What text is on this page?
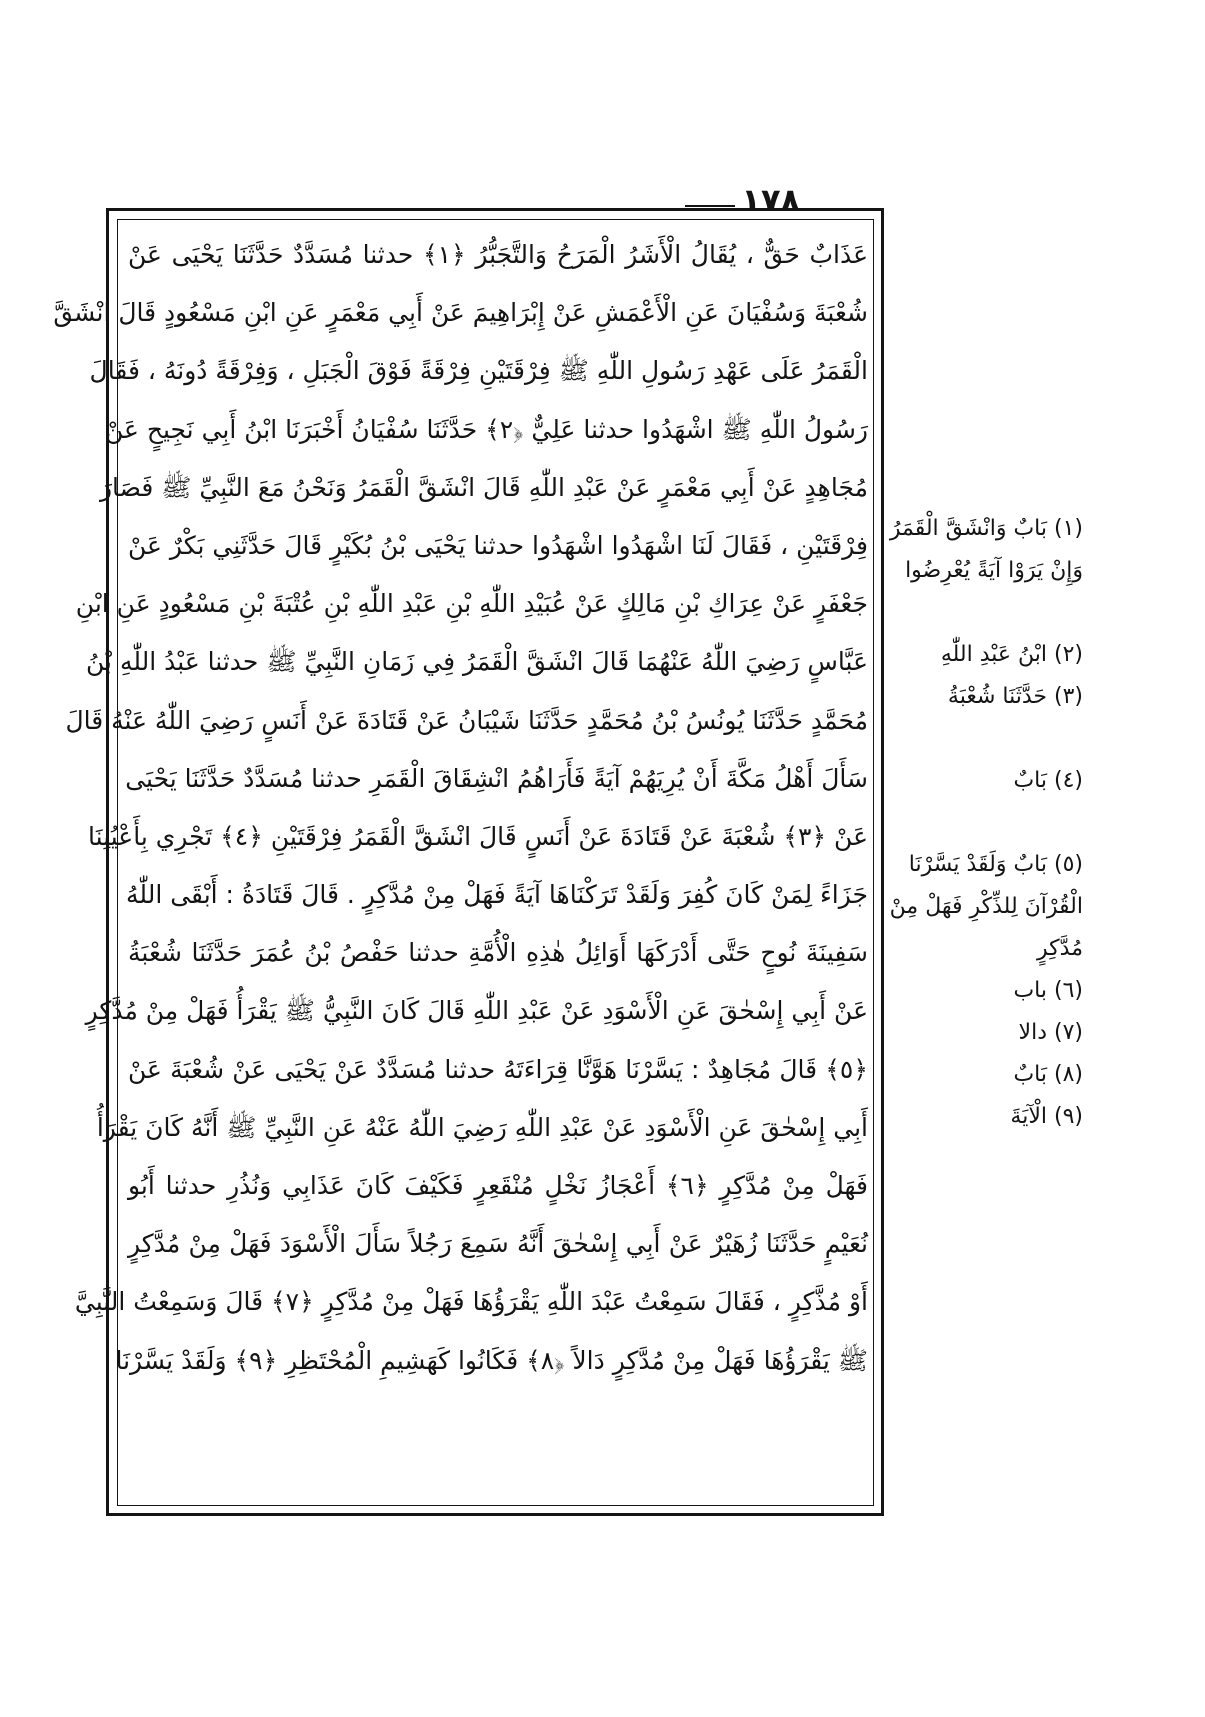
۱۷۸
عَذَابٌ حَقٌّ ، يُقَالُ الْأَشَرُ الْمَرَحُ وَالتَّجَبُّرُ ﴿١﴾ حدثنا مُسَدَّدٌ حَدَّثَنَا يَحْيَى عَنْ
شُعْبَةَ وَسُفْيَانَ عَنِ الْأَعْمَشِ عَنْ إِبْرَاهِيمَ عَنْ أَبِي مَعْمَرٍ عَنِ ابْنِ مَسْعُودٍ قَالَ انْشَقَّ
الْقَمَرُ عَلَى عَهْدِ رَسُولِ اللّٰهِ ﷺ فِرْقَتَيْنِ فِرْقَةً فَوْقَ الْجَبَلِ ، وَفِرْقَةً دُونَهُ ، فَقَالَ
رَسُولُ اللّٰهِ ﷺ اشْهَدُوا حدثنا عَلِيٌّ ﴿٢﴾ حَدَّثَنَا سُفْيَانُ أَخْبَرَنَا ابْنُ أَبِي نَجِيحٍ عَنْ
مُجَاهِدٍ عَنْ أَبِي مَعْمَرٍ عَنْ عَبْدِ اللّٰهِ قَالَ انْشَقَّ الْقَمَرُ وَنَحْنُ مَعَ النَّبِيِّ ﷺ فَصَارَ
فِرْقَتَيْنِ ، فَقَالَ لَنَا اشْهَدُوا اشْهَدُوا حدثنا يَحْيَى بْنُ بُكَيْرٍ قَالَ حَدَّثَنِي بَكْرٌ عَنْ
جَعْفَرٍ عَنْ عِرَاكِ بْنِ مَالِكٍ عَنْ عُبَيْدِ اللّٰهِ بْنِ عَبْدِ اللّٰهِ بْنِ عُتْبَةَ بْنِ مَسْعُودٍ عَنِ ابْنِ
عَبَّاسٍ رَضِيَ اللّٰهُ عَنْهُمَا قَالَ انْشَقَّ الْقَمَرُ فِي زَمَانِ النَّبِيِّ ﷺ حدثنا عَبْدُ اللّٰهِ بْنُ
مُحَمَّدٍ حَدَّثَنَا يُونُسُ بْنُ مُحَمَّدٍ حَدَّثَنَا شَيْبَانُ عَنْ قَتَادَةَ عَنْ أَنَسٍ رَضِيَ اللّٰهُ عَنْهُ قَالَ
سَأَلَ أَهْلُ مَكَّةَ أَنْ يُرِيَهُمْ آيَةً فَأَرَاهُمُ انْشِقَاقَ الْقَمَرِ حدثنا مُسَدَّدٌ حَدَّثَنَا يَحْيَى
عَنْ ﴿٣﴾ شُعْبَةَ عَنْ قَتَادَةَ عَنْ أَنَسٍ قَالَ انْشَقَّ الْقَمَرُ فِرْقَتَيْنِ ﴿٤﴾ تَجْرِي بِأَعْيُنِنَا
جَزَاءً لِمَنْ كَانَ كُفِرَ وَلَقَدْ تَرَكْنَاهَا آيَةً فَهَلْ مِنْ مُدَّكِرٍ . قَالَ قَتَادَةُ : أَبْقَى اللّٰهُ
سَفِينَةَ نُوحٍ حَتَّى أَدْرَكَهَا أَوَائِلُ هٰذِهِ الْأُمَّةِ حدثنا حَفْصُ بْنُ عُمَرَ حَدَّثَنَا شُعْبَةُ
عَنْ أَبِي إِسْحٰقَ عَنِ الْأَسْوَدِ عَنْ عَبْدِ اللّٰهِ قَالَ كَانَ النَّبِيُّ ﷺ يَقْرَأُ فَهَلْ مِنْ مُدَّكِرٍ
﴿٥﴾ قَالَ مُجَاهِدٌ : يَسَّرْنَا هَوَّنَّا قِرَاءَتَهُ حدثنا مُسَدَّدٌ عَنْ يَحْيَى عَنْ شُعْبَةَ عَنْ
أَبِي إِسْحٰقَ عَنِ الْأَسْوَدِ عَنْ عَبْدِ اللّٰهِ رَضِيَ اللّٰهُ عَنْهُ عَنِ النَّبِيِّ ﷺ أَنَّهُ كَانَ يَقْرَأُ
فَهَلْ مِنْ مُدَّكِرٍ ﴿٦﴾ أَعْجَازُ نَخْلٍ مُنْقَعِرٍ فَكَيْفَ كَانَ عَذَابِي وَنُذُرِ حدثنا أَبُو
نُعَيْمٍ حَدَّثَنَا زُهَيْرٌ عَنْ أَبِي إِسْحٰقَ أَنَّهُ سَمِعَ رَجُلاً سَأَلَ الْأَسْوَدَ فَهَلْ مِنْ مُدَّكِرٍ
أَوْ مُذَّكِرٍ ، فَقَالَ سَمِعْتُ عَبْدَ اللّٰهِ يَقْرَؤُهَا فَهَلْ مِنْ مُدَّكِرٍ ﴿٧﴾ قَالَ وَسَمِعْتُ النَّبِيَّ
ﷺ يَقْرَؤُهَا فَهَلْ مِنْ مُدَّكِرٍ دَالاً ﴿٨﴾ فَكَانُوا كَهَشِيمِ الْمُحْتَظِرِ ﴿٩﴾ وَلَقَدْ يَسَّرْنَا
(١) بَابٌ وَانْشَقَّ الْقَمَرُ
وَإِنْ يَرَوْا آيَةً يُعْرِضُوا
(٢) ابْنُ عَبْدِ اللّٰهِ
(٣) حَدَّثَنَا شُعْبَةُ
(٤) بَابٌ
(٥) بَابٌ وَلَقَدْ يَسَّرْنَا
الْقُرْآنَ لِلذِّكْرِ فَهَلْ مِنْ
مُدَّكِرٍ
(٦) باب
(٧) دالا
(٨) بَابٌ
(٩) الْآيَةَ
